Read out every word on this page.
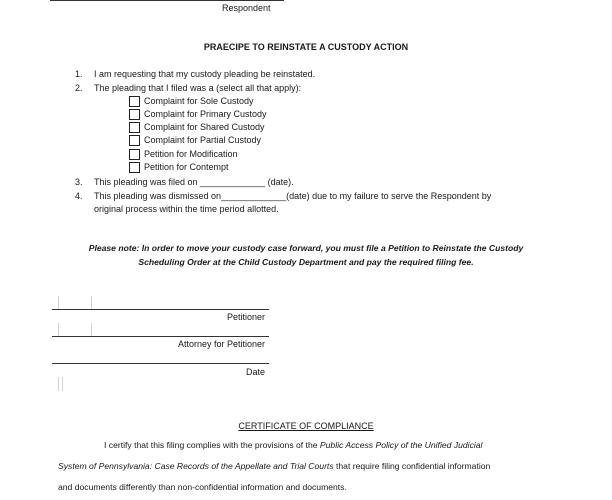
Respondent
PRAECIPE TO REINSTATE A CUSTODY ACTION
1. I am requesting that my custody pleading be reinstated.
2. The pleading that I filed was a (select all that apply):
Complaint for Sole Custody
Complaint for Primary Custody
Complaint for Shared Custody
Complaint for Partial Custody
Petition for Modification
Petition for Contempt
3. This pleading was filed on _____________ (date).
4. This pleading was dismissed on_____________(date) due to my failure to serve the Respondent by
original process within the time period allotted.
Please note: In order to move your custody case forward, you must file a Petition to Reinstate the Custody
Scheduling Order at the Child Custody Department and pay the required filing fee.
Petitioner
Attorney for Petitioner
Date
CERTIFICATE OF COMPLIANCE
I certify that this filing complies with the provisions of the Public Access Policy of the Unified Judicial
System of Pennsylvania: Case Records of the Appellate and Trial Courts that require filing confidential information
and documents differently than non-confidential information and documents.
